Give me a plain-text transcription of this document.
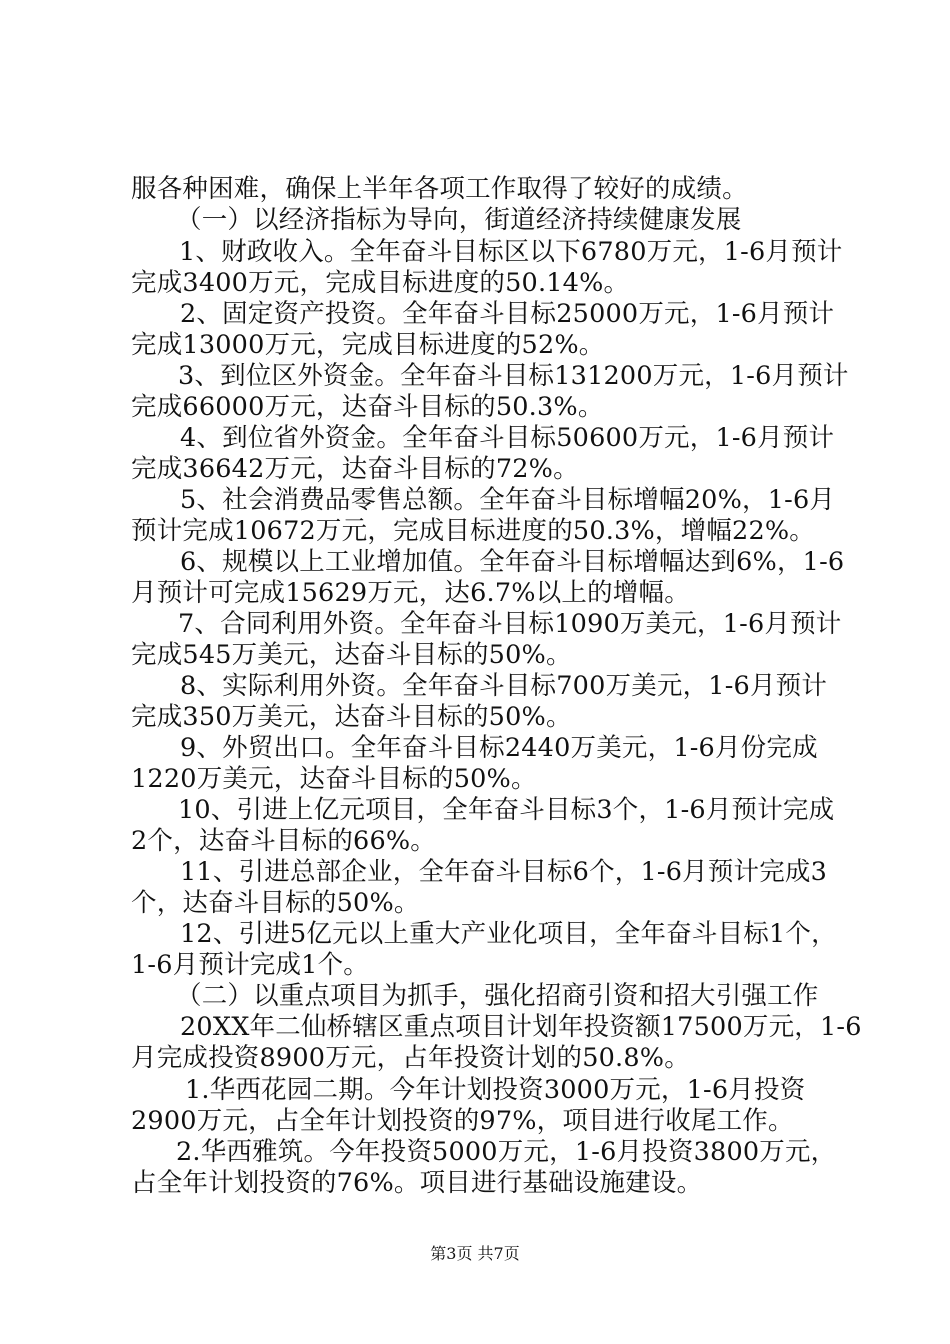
服各种困难，确保上半年各项工作取得了较好的成绩。
（一）以经济指标为导向，街道经济持续健康发展
1、财政收入。全年奋斗目标区以下6780万元，1-6月预计
完成3400万元，完成目标进度的50.14%。
2、固定资产投资。全年奋斗目标25000万元，1-6月预计
完成13000万元，完成目标进度的52%。
3、到位区外资金。全年奋斗目标131200万元，1-6月预计
完成66000万元，达奋斗目标的50.3%。
4、到位省外资金。全年奋斗目标50600万元，1-6月预计
完成36642万元，达奋斗目标的72%。
5、社会消费品零售总额。全年奋斗目标增幅20%，1-6月
预计完成10672万元，完成目标进度的50.3%，增幅22%。
6、规模以上工业增加值。全年奋斗目标增幅达到6%，1-6
月预计可完成15629万元，达6.7%以上的增幅。
7、合同利用外资。全年奋斗目标1090万美元，1-6月预计
完成545万美元，达奋斗目标的50%。
8、实际利用外资。全年奋斗目标700万美元，1-6月预计
完成350万美元，达奋斗目标的50%。
9、外贸出口。全年奋斗目标2440万美元，1-6月份完成
1220万美元，达奋斗目标的50%。
10、引进上亿元项目，全年奋斗目标3个，1-6月预计完成
2个，达奋斗目标的66%。
11、引进总部企业，全年奋斗目标6个，1-6月预计完成3
个，达奋斗目标的50%。
12、引进5亿元以上重大产业化项目，全年奋斗目标1个，
1-6月预计完成1个。
（二）以重点项目为抓手，强化招商引资和招大引强工作
20XX年二仙桥辖区重点项目计划年投资额17500万元，1-6
月完成投资8900万元，占年投资计划的50.8%。
1.华西花园二期。今年计划投资3000万元，1-6月投资
2900万元，占全年计划投资的97%，项目进行收尾工作。
2.华西雅筑。今年投资5000万元，1-6月投资3800万元，
占全年计划投资的76%。项目进行基础设施建设。
第3页 共7页
